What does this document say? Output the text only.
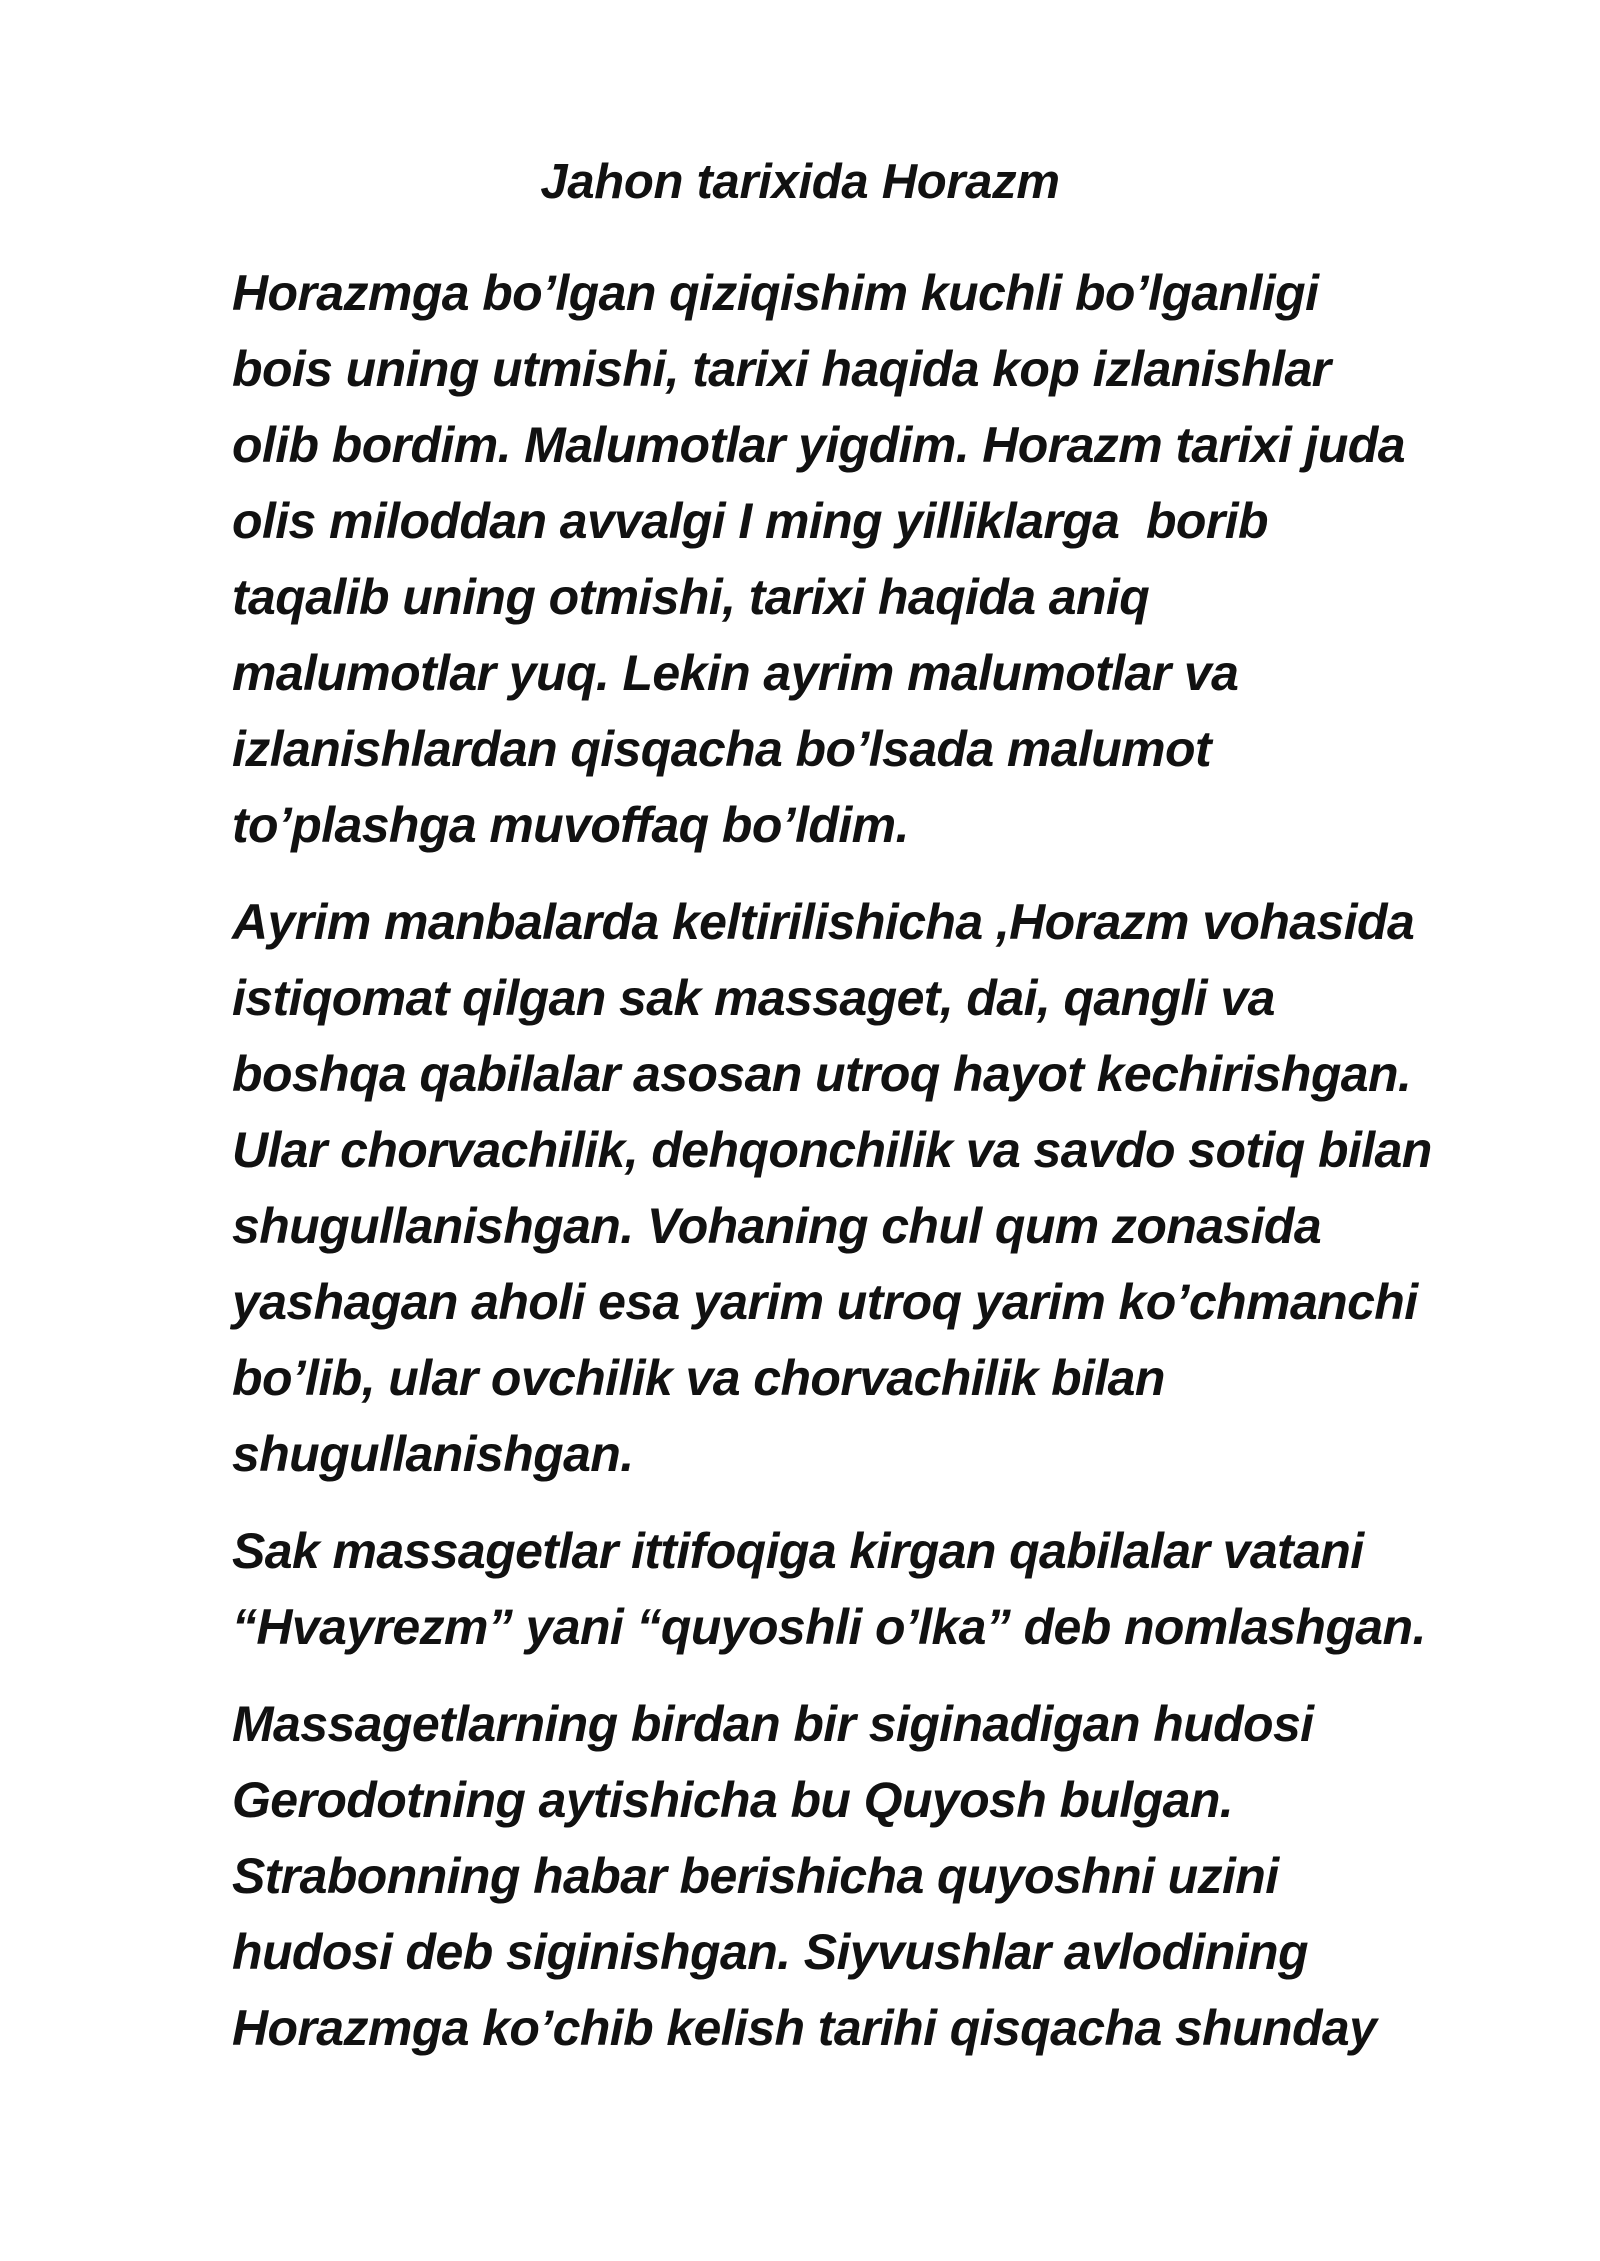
Jahon tarixida Horazm

Horazmga bo’lgan qiziqishim kuchli bo’lganligi
bois uning utmishi, tarixi haqida kop izlanishlar
olib bordim. Malumotlar yigdim. Horazm tarixi juda
olis miloddan avvalgi I ming yilliklarga  borib
taqalib uning otmishi, tarixi haqida aniq
malumotlar yuq. Lekin ayrim malumotlar va
izlanishlardan qisqacha bo’lsada malumot
to’plashga muvoffaq bo’ldim.

Ayrim manbalarda keltirilishicha ,Horazm vohasida
istiqomat qilgan sak massaget, dai, qangli va
boshqa qabilalar asosan utroq hayot kechirishgan.
Ular chorvachilik, dehqonchilik va savdo sotiq bilan
shugullanishgan. Vohaning chul qum zonasida
yashagan aholi esa yarim utroq yarim ko’chmanchi
bo’lib, ular ovchilik va chorvachilik bilan
shugullanishgan.

Sak massagetlar ittifoqiga kirgan qabilalar vatani
“Hvayrezm” yani “quyoshli o’lka” deb nomlashgan.

Massagetlarning birdan bir siginadigan hudosi
Gerodotning aytishicha bu Quyosh bulgan.
Strabonning habar berishicha quyoshni uzini
hudosi deb siginishgan. Siyvushlar avlodining
Horazmga ko’chib kelish tarihi qisqacha shunday
